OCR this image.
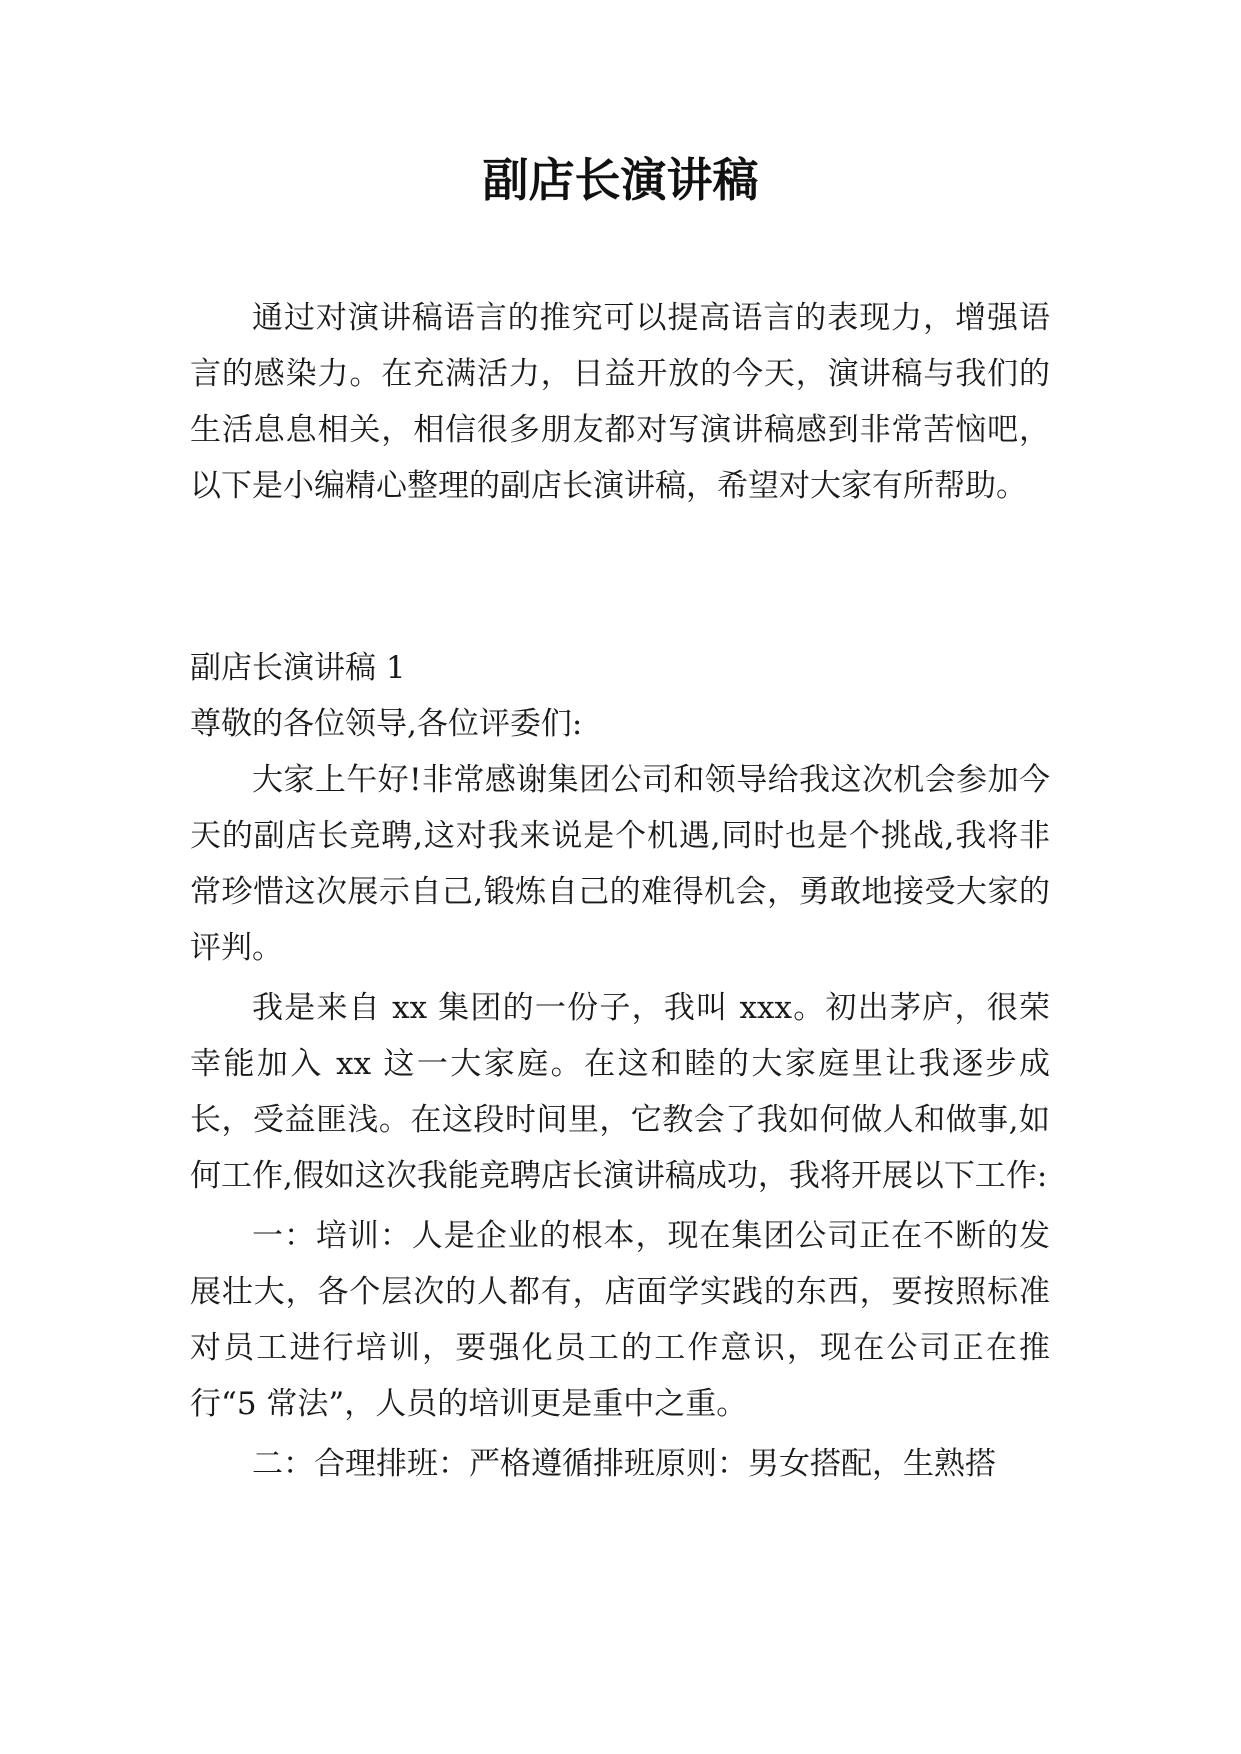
副店长演讲稿

通过对演讲稿语言的推究可以提高语言的表现力，增强语言的感染力。在充满活力，日益开放的今天，演讲稿与我们的生活息息相关，相信很多朋友都对写演讲稿感到非常苦恼吧，以下是小编精心整理的副店长演讲稿，希望对大家有所帮助。

副店长演讲稿 1
尊敬的各位领导,各位评委们:

大家上午好!非常感谢集团公司和领导给我这次机会参加今天的副店长竞聘,这对我来说是个机遇,同时也是个挑战,我将非常珍惜这次展示自己,锻炼自己的难得机会，勇敢地接受大家的评判。

我是来自 xx 集团的一份子，我叫 xxx。初出茅庐，很荣幸能加入 xx 这一大家庭。在这和睦的大家庭里让我逐步成长，受益匪浅。在这段时间里，它教会了我如何做人和做事,如何工作,假如这次我能竞聘店长演讲稿成功，我将开展以下工作:

一：培训：人是企业的根本，现在集团公司正在不断的发展壮大，各个层次的人都有，店面学实践的东西，要按照标准对员工进行培训，要强化员工的工作意识，现在公司正在推行“5 常法”，人员的培训更是重中之重。

二：合理排班：严格遵循排班原则：男女搭配，生熟搭
